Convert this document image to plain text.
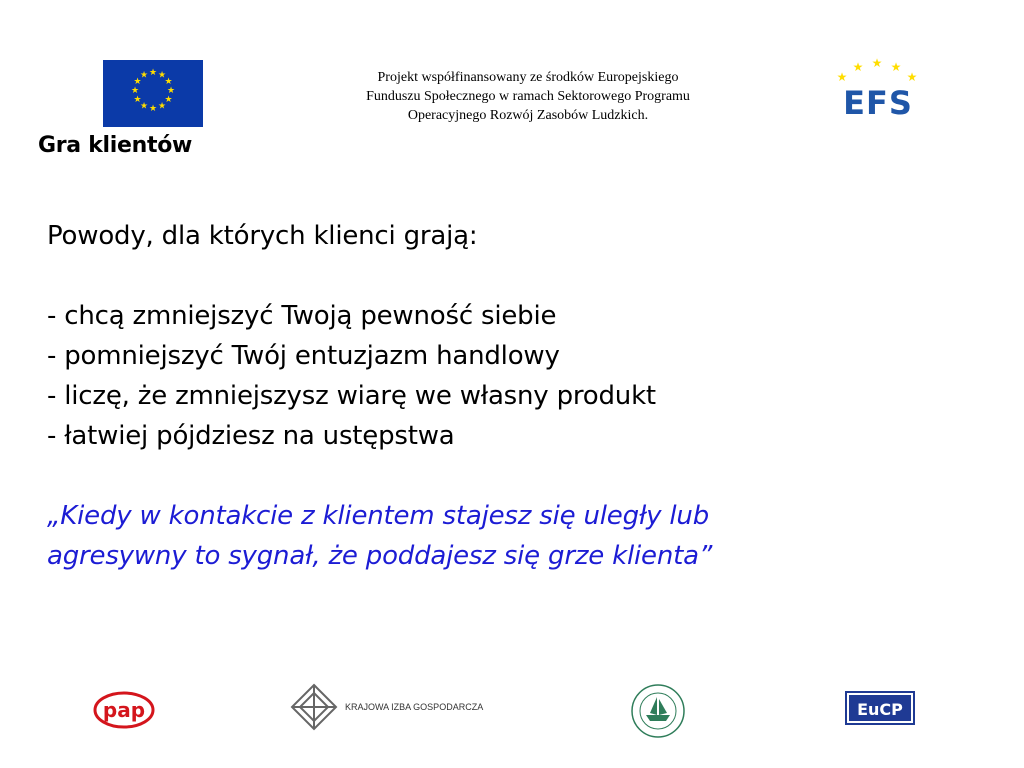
★ ★
★
★
★
★
★
★
★
★
★
★
Gra klientów
Projekt współfinansowany ze środków Europejskiego
Funduszu Społecznego w ramach Sektorowego Programu
Operacyjnego Rozwój Zasobów Ludzkich.
★
★ ★ ★
★
EFS
Powody, dla których klienci grają:
- chcą zmniejszyć Twoją pewność siebie
- pomniejszyć Twój entuzjazm handlowy
- liczę, że zmniejszysz wiarę we własny produkt
- łatwiej pójdziesz na ustępstwa
„Kiedy w kontakcie z klientem stajesz się uległy lub
agresywny to sygnał, że poddajesz się grze klienta”
pap	KRAJOWA IZBA GOSPODARCZA	EuCP
